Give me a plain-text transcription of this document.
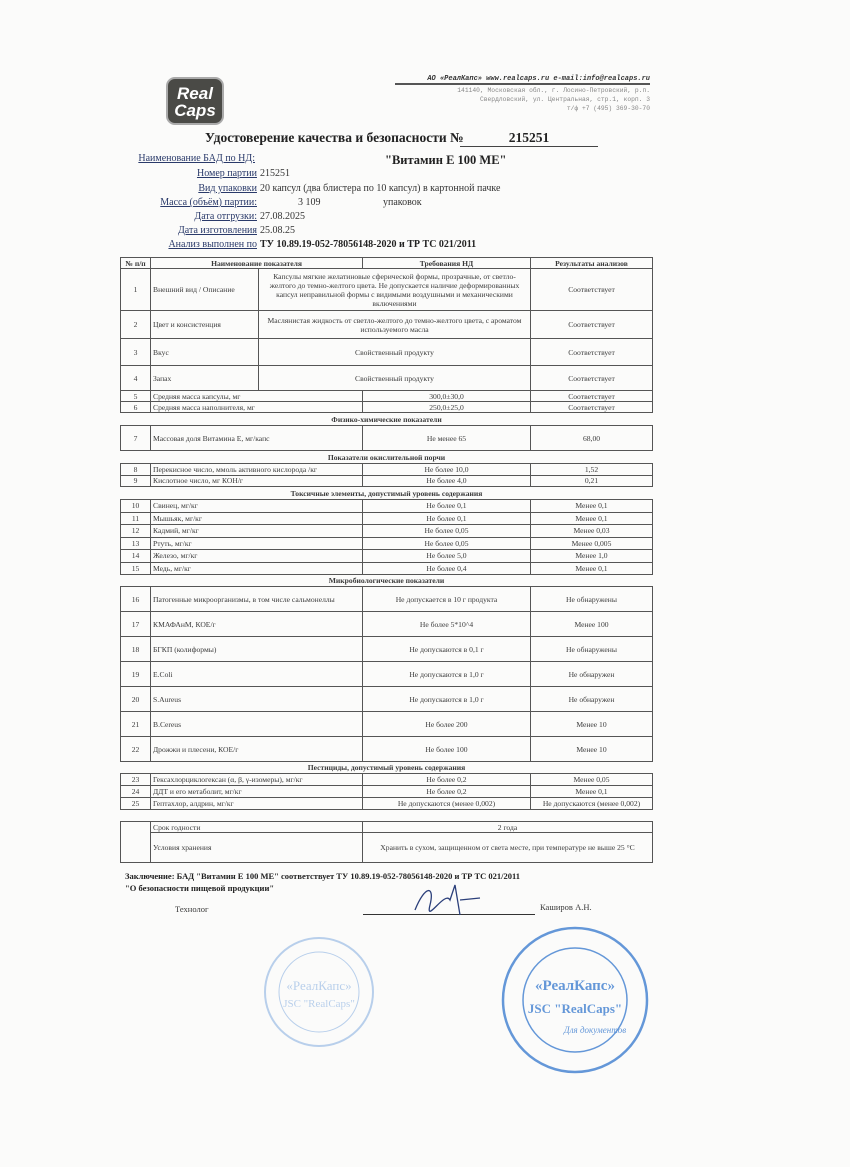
Real
Caps
АО «РеалКапс» www.realcaps.ru e-mail:info@realcaps.ru
141140, Московская обл., г. Лосино-Петровский, р.п.
Свердловский, ул. Центральная, стр.1, корп. 3
т/ф +7 (495) 369-30-70
Удостоверение качества и безопасности №	215251
"Витамин Е 100 МЕ"
Наименование БАД по НД:
Номер партии 215251
Вид упаковки 20 капсул (два блистера по 10 капсул) в картонной пачке
Масса (объём) партии:	3 109	упаковок
Дата отгрузки: 27.08.2025
Дата изготовления 25.08.25
Анализ выполнен по ТУ 10.89.19-052-78056148-2020 и ТР ТС 021/2011
№ п/п	Наименование показателя		Требования НД	Результаты анализов
1	Внешний вид / Описание	Капсулы мягкие желатиновые сферической формы, прозрачные, от светло-желтого до темно-желтого цвета. Не допускается наличие деформированных капсул неправильной формы с видимыми воздушными и механическими включениями		Соответствует
2	Цвет и консистенция	Маслянистая жидкость от светло-желтого до темно-желтого цвета, с ароматом используемого масла		Соответствует
3	Вкус	Свойственный продукту		Соответствует
4	Запах	Свойственный продукту		Соответствует
5	Средняя масса капсулы, мг		300,0±30,0	Соответствует
6	Средняя масса наполнителя, мг		250,0±25,0	Соответствует
Физико-химические показатели				
7	Массовая доля Витамина Е, мг/капс		Не менее 65	68,00
Показатели окислительной порчи				
8	Перекисное число, ммоль активного кислорода /кг		Не более 10,0	1,52
9	Кислотное число, мг КОН/г		Не более 4,0	0,21
Токсичные элементы, допустимый уровень содержания				
10	Свинец, мг/кг		Не более 0,1	Менее 0,1
11	Мышьяк, мг/кг		Не более 0,1	Менее 0,1
12	Кадмий, мг/кг		Не более 0,05	Менее 0,03
13	Ртуть, мг/кг		Не более 0,05	Менее 0,005
14	Железо, мг/кг		Не более 5,0	Менее 1,0
15	Медь, мг/кг		Не более 0,4	Менее 0,1
Микробиологические показатели				
16	Патогенные микроорганизмы, в том числе сальмонеллы		Не допускается в 10 г продукта	Не обнаружены
17	КМАФАнМ, КОЕ/г		Не более 5*10^4	Менее 100
18	БГКП (колиформы)		Не допускаются в 0,1 г	Не обнаружены
19	E.Coli		Не допускаются в 1,0 г	Не обнаружен
20	S.Aureus		Не допускаются в 1,0 г	Не обнаружен
21	B.Cereus		Не более 200	Менее 10
22	Дрожжи и плесени, КОЕ/г		Не более 100	Менее 10
Пестициды, допустимый уровень содержания				
23	Гексахлорциклогексан (α, β, γ-изомеры), мг/кг		Не более 0,2	Менее 0,05
24	ДДТ и его метаболит, мг/кг		Не более 0,2	Менее 0,1
25	Гептахлор, алдрин, мг/кг		Не допускаются (менее 0,002)	Не допускаются (менее 0,002)
	Срок годности	2 года
	Условия хранения	Хранить в сухом, защищенном от света месте, при температуре не выше 25 °С
Заключение: БАД "Витамин Е 100 МЕ" соответствует ТУ 10.89.19-052-78056148-2020 и ТР ТС 021/2011
"О безопасности пищевой продукции"
Технолог	Каширов А.Н.
«РеалКапс»
JSC "RealCaps"
«РеалКапс»
JSC "RealCaps"
Для документов
